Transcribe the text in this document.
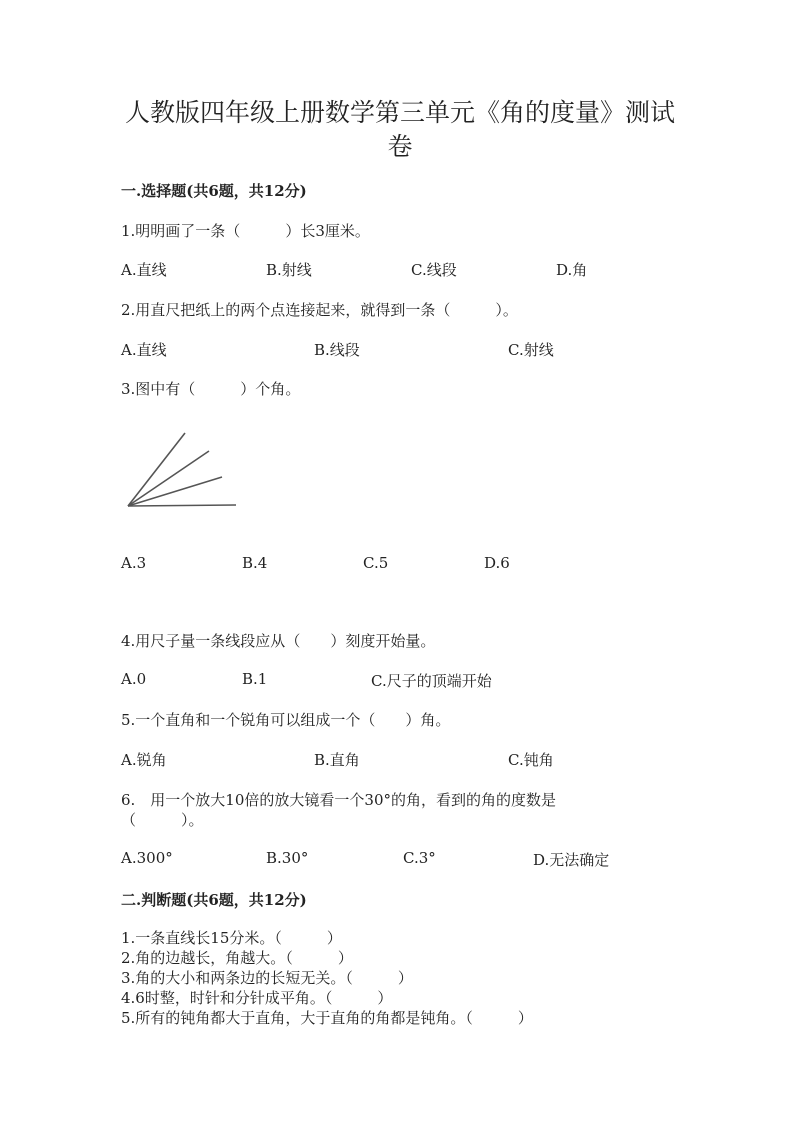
人教版四年级上册数学第三单元《角的度量》测试
卷
一.选择题(共6题，共12分)
1.明明画了一条（　　　）长3厘米。
A.直线	B.射线	C.线段	D.角
2.用直尺把纸上的两个点连接起来，就得到一条（　　　）。
A.直线	B.线段	C.射线
3.图中有（　　　）个角。
A.3	B.4	C.5	D.6
4.用尺子量一条线段应从（　　）刻度开始量。
A.0	B.1	C.尺子的顶端开始
5.一个直角和一个锐角可以组成一个（　　）角。
A.锐角	B.直角	C.钝角
6.　用一个放大10倍的放大镜看一个30°的角，看到的角的度数是
（　　　）。
A.300°	B.30°	C.3°	D.无法确定
二.判断题(共6题，共12分)
1.一条直线长15分米。（　　　）
2.角的边越长，角越大。（　　　）
3.角的大小和两条边的长短无关。（　　　）
4.6时整，时针和分针成平角。（　　　）
5.所有的钝角都大于直角，大于直角的角都是钝角。（　　　）
